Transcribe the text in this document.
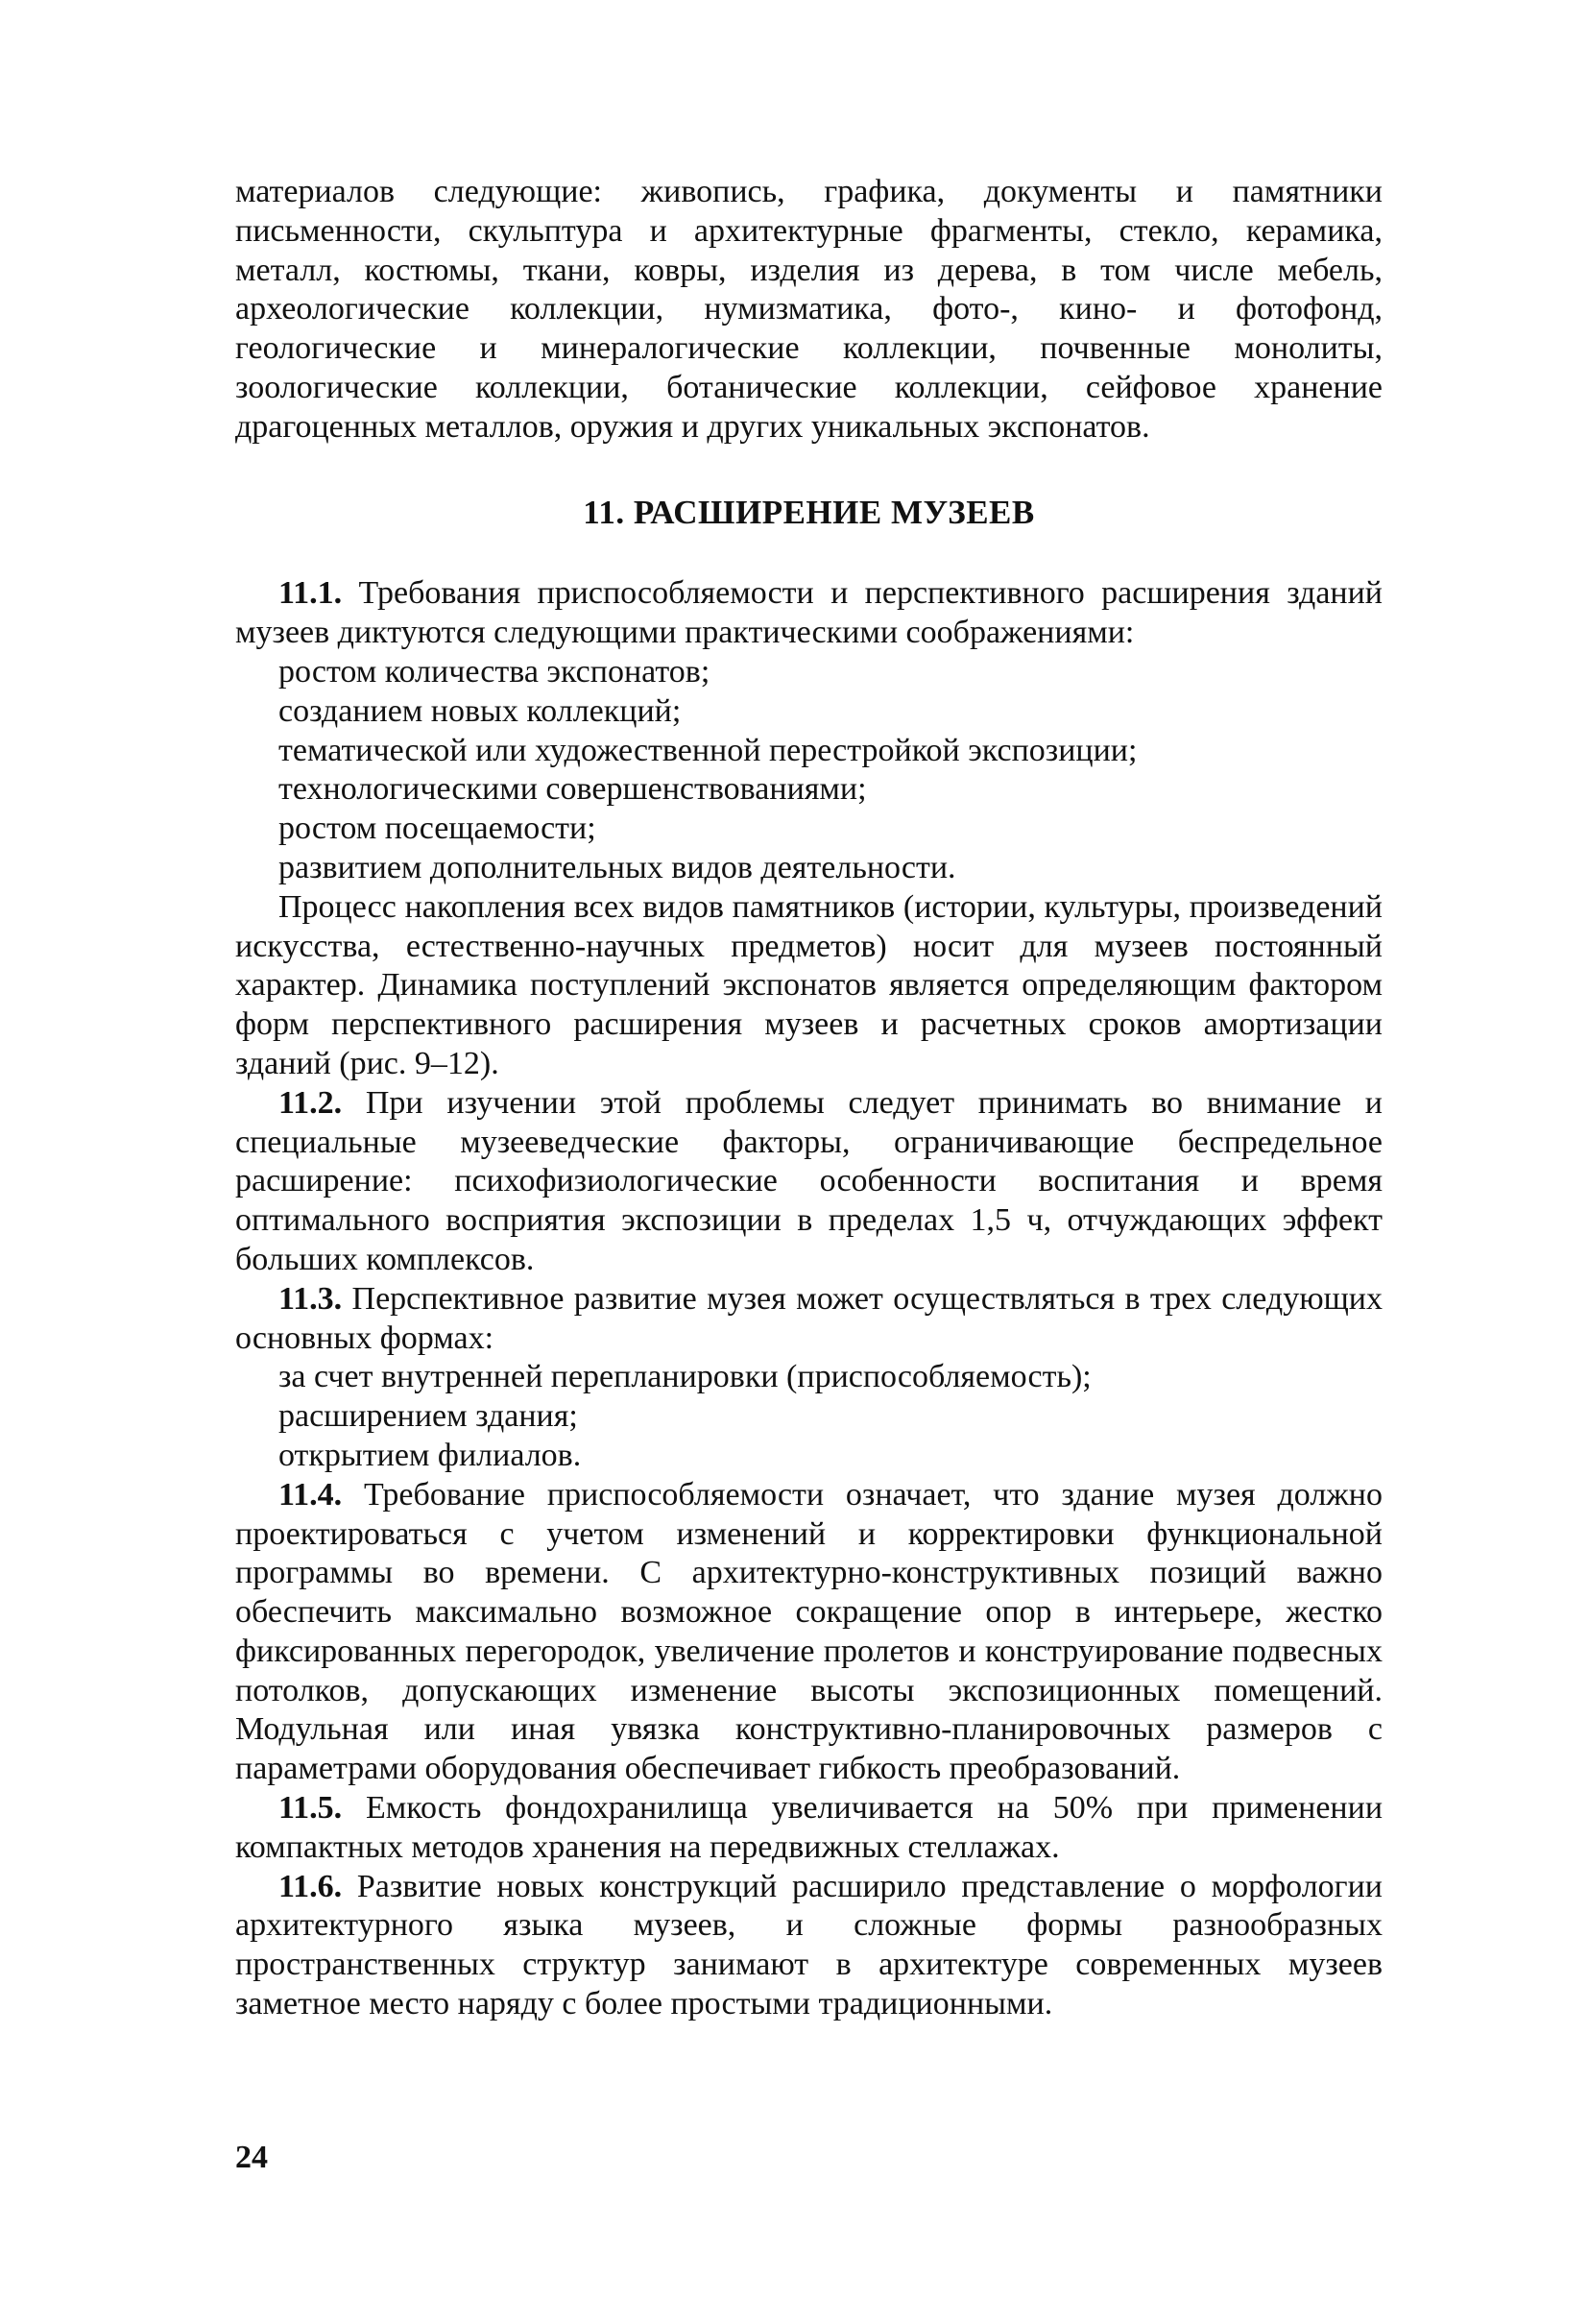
материалов следующие: живопись, графика, документы и памятники письменности, скульптура и архитектурные фрагменты, стекло, керамика, металл, костюмы, ткани, ковры, изделия из дерева, в том числе мебель, археологические коллекции, нумизматика, фото-, кино- и фотофонд, геологические и минералогические коллекции, почвенные монолиты, зоологические коллекции, ботанические коллекции, сейфовое хранение драгоценных металлов, оружия и других уникальных экспонатов.

11. РАСШИРЕНИЕ МУЗЕЕВ

11.1. Требования приспособляемости и перспективного расширения зданий музеев диктуются следующими практическими соображениями:

ростом количества экспонатов;

созданием новых коллекций;

тематической или художественной перестройкой экспозиции;

технологическими совершенствованиями;

ростом посещаемости;

развитием дополнительных видов деятельности.

Процесс накопления всех видов памятников (истории, культуры, произведений искусства, естественно-научных предметов) носит для музеев постоянный характер. Динамика поступлений экспонатов является определяющим фактором форм перспективного расширения музеев и расчетных сроков амортизации зданий (рис. 9–12).

11.2. При изучении этой проблемы следует принимать во внимание и специальные музееведческие факторы, ограничивающие беспредельное расширение: психофизиологические особенности воспитания и время оптимального восприятия экспозиции в пределах 1,5 ч, отчуждающих эффект больших комплексов.

11.3. Перспективное развитие музея может осуществляться в трех следующих основных формах:

за счет внутренней перепланировки (приспособляемость);

расширением здания;

открытием филиалов.

11.4. Требование приспособляемости означает, что здание музея должно проектироваться с учетом изменений и корректировки функциональной программы во времени. С архитектурно-конструктивных позиций важно обеспечить максимально возможное сокращение опор в интерьере, жестко фиксированных перегородок, увеличение пролетов и конструирование подвесных потолков, допускающих изменение высоты экспозиционных помещений. Модульная или иная увязка конструктивно-планировочных размеров с параметрами оборудования обеспечивает гибкость преобразований.

11.5. Емкость фондохранилища увеличивается на 50% при применении компактных методов хранения на передвижных стеллажах.

11.6. Развитие новых конструкций расширило представление о морфологии архитектурного языка музеев, и сложные формы разнообразных пространственных структур занимают в архитектуре современных музеев заметное место наряду с более простыми традиционными.

24
